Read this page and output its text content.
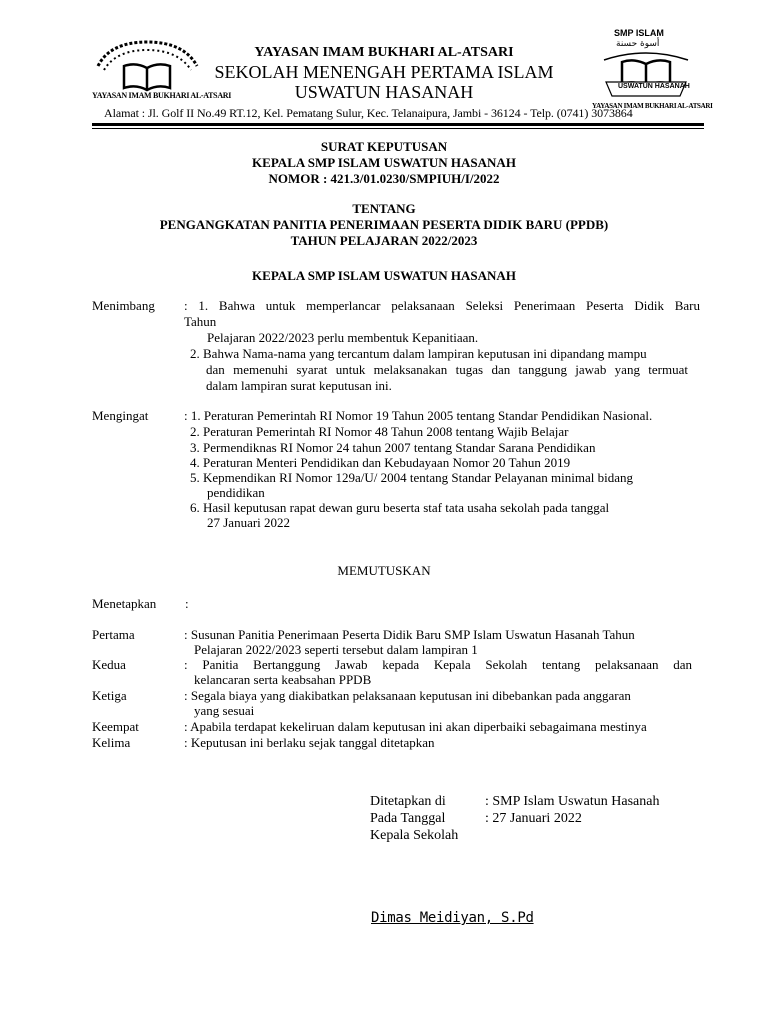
YAYASAN IMAM BUKHARI AL-ATSARI
SMP ISLAM
أسوة حسنة
USWATUN HASANAH
YAYASAN IMAM BUKHARI AL-ATSARI
YAYASAN IMAM BUKHARI AL-ATSARI
SEKOLAH MENENGAH PERTAMA ISLAM
USWATUN HASANAH
Alamat : Jl. Golf II No.49 RT.12, Kel. Pematang Sulur, Kec. Telanaipura, Jambi - 36124 - Telp. (0741) 3073864
SURAT KEPUTUSAN
KEPALA SMP ISLAM USWATUN HASANAH
NOMOR : 421.3/01.0230/SMPIUH/I/2022
TENTANG
PENGANGKATAN PANITIA PENERIMAAN PESERTA DIDIK BARU (PPDB)
TAHUN PELAJARAN 2022/2023
KEPALA SMP ISLAM USWATUN HASANAH
Menimbang : 1. Bahwa untuk memperlancar pelaksanaan Seleksi Penerimaan Peserta Didik Baru
Tahun
Pelajaran 2022/2023 perlu membentuk Kepanitiaan.
2. Bahwa Nama-nama yang tercantum dalam lampiran keputusan ini dipandang mampu
dan memenuhi syarat untuk melaksanakan tugas dan tanggung jawab yang termuat
dalam lampiran surat keputusan ini.
Mengingat	: 1. Peraturan Pemerintah RI Nomor 19 Tahun 2005 tentang Standar Pendidikan Nasional.
2. Peraturan Pemerintah RI Nomor 48 Tahun 2008 tentang Wajib Belajar
3. Permendiknas RI Nomor 24 tahun 2007 tentang Standar Sarana Pendidikan
4. Peraturan Menteri Pendidikan dan Kebudayaan Nomor 20 Tahun 2019
5. Kepmendikan RI Nomor 129a/U/ 2004 tentang Standar Pelayanan minimal bidang
pendidikan
6. Hasil keputusan rapat dewan guru beserta staf tata usaha sekolah pada tanggal
27 Januari 2022
MEMUTUSKAN
Menetapkan :
Pertama	: Susunan Panitia Penerimaan Peserta Didik Baru SMP Islam Uswatun Hasanah Tahun
Pelajaran 2022/2023 seperti tersebut dalam lampiran 1
Kedua	: Panitia Bertanggung Jawab kepada Kepala Sekolah tentang pelaksanaan dan
kelancaran serta keabsahan PPDB
Ketiga	: Segala biaya yang diakibatkan pelaksanaan keputusan ini dibebankan pada anggaran
yang sesuai
Keempat	: Apabila terdapat kekeliruan dalam keputusan ini akan diperbaiki sebagaimana mestinya
Kelima	: Keputusan ini berlaku sejak tanggal ditetapkan
Ditetapkan di	: SMP Islam Uswatun Hasanah
Pada Tanggal	: 27 Januari 2022
Kepala Sekolah
Dimas Meidiyan, S.Pd
